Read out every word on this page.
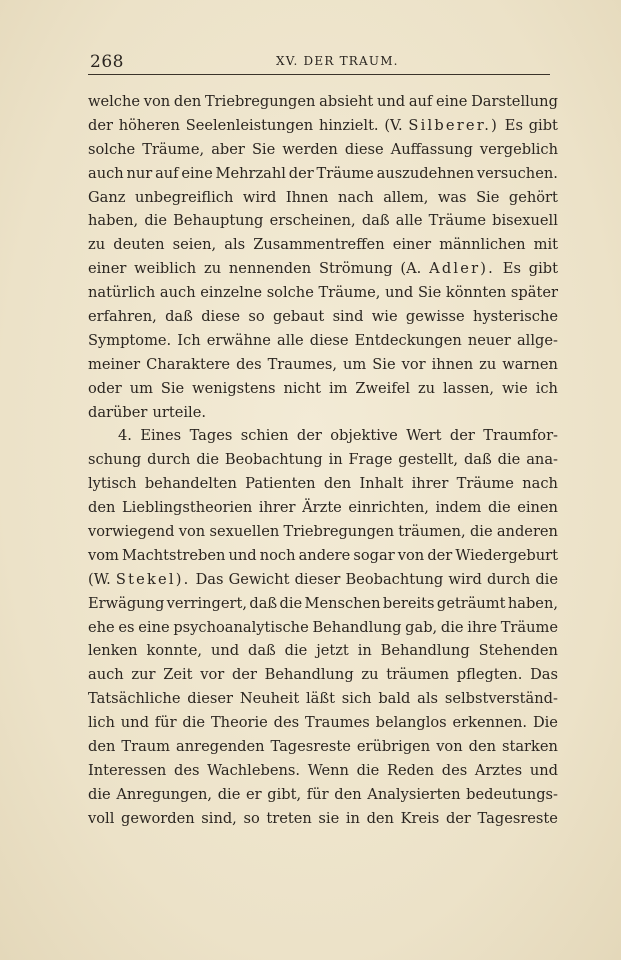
268	XV. DER TRAUM.
welche von den Triebregungen absieht und auf eine Darstellung
der höheren Seelenleistungen hinzielt. (V. Silberer.) Es gibt
solche Träume, aber Sie werden diese Auffassung vergeblich
auch nur auf eine Mehrzahl der Träume auszudehnen versuchen.
Ganz unbegreiflich wird Ihnen nach allem, was Sie gehört
haben, die Behauptung erscheinen, daß alle Träume bisexuell
zu deuten seien, als Zusammentreffen einer männlichen mit
einer weiblich zu nennenden Strömung (A. Adler). Es gibt
natürlich auch einzelne solche Träume, und Sie könnten später
erfahren, daß diese so gebaut sind wie gewisse hysterische
Symptome. Ich erwähne alle diese Entdeckungen neuer allge-
meiner Charaktere des Traumes, um Sie vor ihnen zu warnen
oder um Sie wenigstens nicht im Zweifel zu lassen, wie ich
darüber urteile.
4. Eines Tages schien der objektive Wert der Traumfor-
schung durch die Beobachtung in Frage gestellt, daß die ana-
lytisch behandelten Patienten den Inhalt ihrer Träume nach
den Lieblingstheorien ihrer Ärzte einrichten, indem die einen
vorwiegend von sexuellen Triebregungen träumen, die anderen
vom Machtstreben und noch andere sogar von der Wiedergeburt
(W. Stekel). Das Gewicht dieser Beobachtung wird durch die
Erwägung verringert, daß die Menschen bereits geträumt haben,
ehe es eine psychoanalytische Behandlung gab, die ihre Träume
lenken konnte, und daß die jetzt in Behandlung Stehenden
auch zur Zeit vor der Behandlung zu träumen pflegten. Das
Tatsächliche dieser Neuheit läßt sich bald als selbstverständ-
lich und für die Theorie des Traumes belanglos erkennen. Die
den Traum anregenden Tagesreste erübrigen von den starken
Interessen des Wachlebens. Wenn die Reden des Arztes und
die Anregungen, die er gibt, für den Analysierten bedeutungs-
voll geworden sind, so treten sie in den Kreis der Tagesreste
